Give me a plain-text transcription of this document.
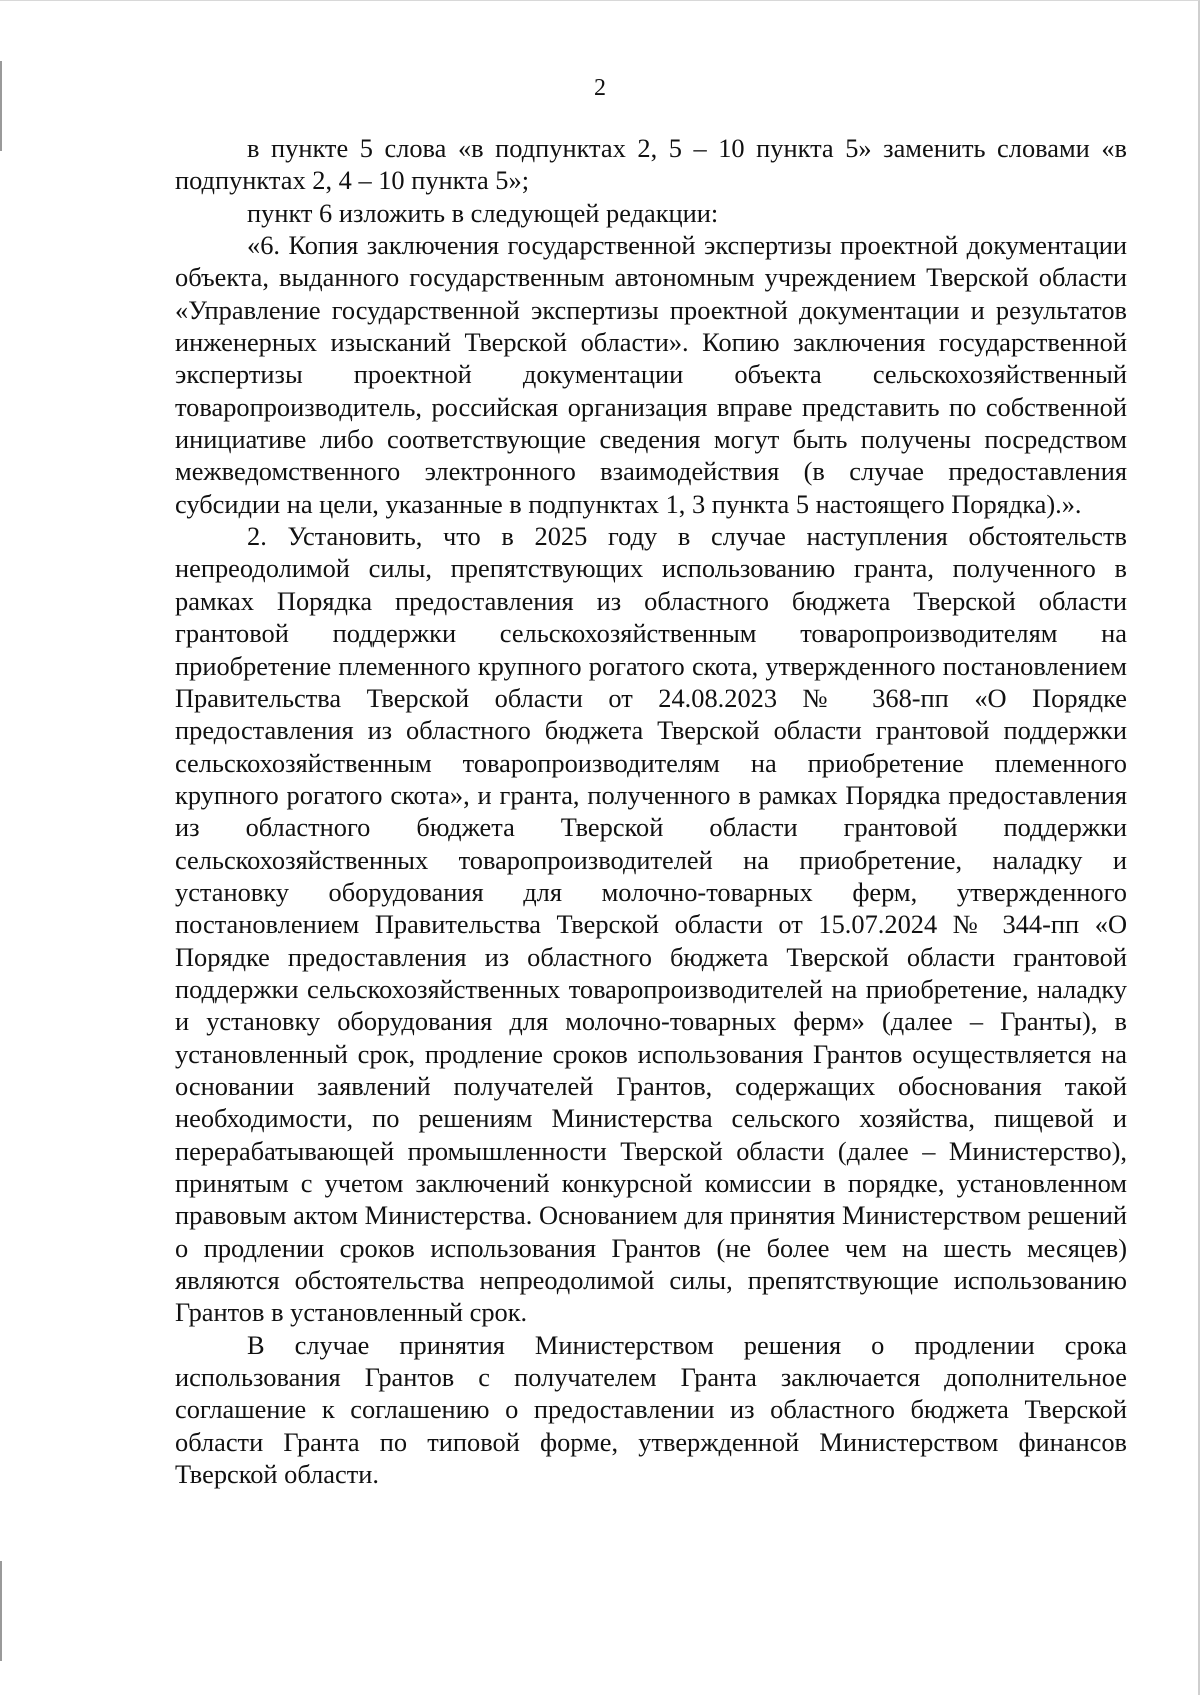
2

в пункте 5 слова «в подпунктах 2, 5 – 10 пункта 5» заменить словами «в подпунктах 2, 4 – 10 пункта 5»;

пункт 6 изложить в следующей редакции:

«6. Копия заключения государственной экспертизы проектной документации объекта, выданного государственным автономным учреждением Тверской области «Управление государственной экспертизы проектной документации и результатов инженерных изысканий Тверской области». Копию заключения государственной экспертизы проектной документации объекта сельскохозяйственный товаропроизводитель, российская организация вправе представить по собственной инициативе либо соответствующие сведения могут быть получены посредством межведомственного электронного взаимодействия (в случае предоставления субсидии на цели, указанные в подпунктах 1, 3 пункта 5 настоящего Порядка).».

2. Установить, что в 2025 году в случае наступления обстоятельств непреодолимой силы, препятствующих использованию гранта, полученного в рамках Порядка предоставления из областного бюджета Тверской области грантовой поддержки сельскохозяйственным товаропроизводителям на приобретение племенного крупного рогатого скота, утвержденного постановлением Правительства Тверской области от 24.08.2023 № 368-пп «О Порядке предоставления из областного бюджета Тверской области грантовой поддержки сельскохозяйственным товаропроизводителям на приобретение племенного крупного рогатого скота», и гранта, полученного в рамках Порядка предоставления из областного бюджета Тверской области грантовой поддержки сельскохозяйственных товаропроизводителей на приобретение, наладку и установку оборудования для молочно-товарных ферм, утвержденного постановлением Правительства Тверской области от 15.07.2024 № 344-пп «О Порядке предоставления из областного бюджета Тверской области грантовой поддержки сельскохозяйственных товаропроизводителей на приобретение, наладку и установку оборудования для молочно-товарных ферм» (далее – Гранты), в установленный срок, продление сроков использования Грантов осуществляется на основании заявлений получателей Грантов, содержащих обоснования такой необходимости, по решениям Министерства сельского хозяйства, пищевой и перерабатывающей промышленности Тверской области (далее – Министерство), принятым с учетом заключений конкурсной комиссии в порядке, установленном правовым актом Министерства. Основанием для принятия Министерством решений о продлении сроков использования Грантов (не более чем на шесть месяцев) являются обстоятельства непреодолимой силы, препятствующие использованию Грантов в установленный срок.

В случае принятия Министерством решения о продлении срока использования Грантов с получателем Гранта заключается дополнительное соглашение к соглашению о предоставлении из областного бюджета Тверской области Гранта по типовой форме, утвержденной Министерством финансов Тверской области.
